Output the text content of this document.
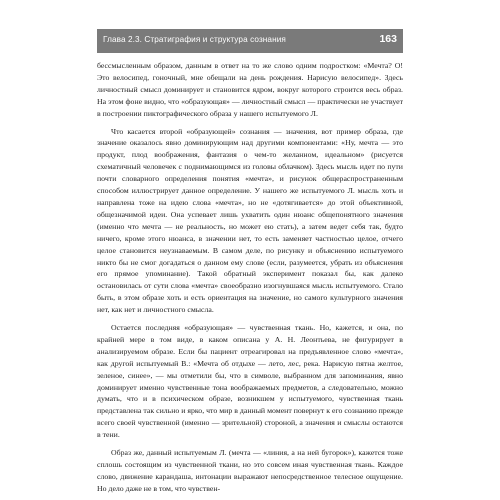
Глава 2.3. Стратиграфия и структура сознания	163

бессмысленным образом, данным в ответ на то же слово одним подростком: «Мечта? О! Это велосипед, гоночный, мне обещали на день рождения. Нарисую велосипед». Здесь личностный смысл доминирует и становится ядром, вокруг которого строится весь образ. На этом фоне видно, что «образующая» — личностный смысл — практически не участвует в построении пиктографического образа у нашего испытуемого Л.

Что касается второй «образующей» сознания — значения, вот пример образа, где значение оказалось явно доминирующим над другими компонентами: «Ну, мечта — это продукт, плод воображения, фантазия о чем-то желанном, идеальном» (рисуется схематичный человечек с поднимающимся из головы облачком). Здесь мысль идет по пути почти словарного определения понятия «мечта», и рисунок общераспространенным способом иллюстрирует данное определение. У нашего же испытуемого Л. мысль хоть и направлена тоже на идею слова «мечта», но не «дотягивается» до этой объективной, общезначимой идеи. Она успевает лишь ухватить один нюанс общепонятного значения (именно что мечта — не реальность, но может ею стать), а затем ведет себя так, будто ничего, кроме этого нюанса, в значении нет, то есть заменяет частностью целое, отчего целое становится неузнаваемым. В самом деле, по рисунку и объяснению испытуемого никто бы не смог догадаться о данном ему слове (если, разумеется, убрать из объяснения его прямое упоминание). Такой обратный эксперимент показал бы, как далеко остановилась от сути слова «мечта» своеобразно изогнувшаяся мысль испытуемого. Стало быть, в этом образе хоть и есть ориентация на значение, но самого культурного значения нет, как нет и личностного смысла.

Остается последняя «образующая» — чувственная ткань. Но, кажется, и она, по крайней мере в том виде, в каком описана у А. Н. Леонтьева, не фигурирует в анализируемом образе. Если бы пациент отреагировал на предъявленное слово «мечта», как другой испытуемый В.: «Мечта об отдыхе — лето, лес, река. Нарисую пятна желтое, зеленое, синее», — мы отметили бы, что в символе, выбранном для запоминания, явно доминирует именно чувственные тона воображаемых предметов, а следовательно, можно думать, что и в психическом образе, возникшем у испытуемого, чувственная ткань представлена так сильно и ярко, что мир в данный момент повернут к его сознанию прежде всего своей чувственной (именно — зрительной) стороной, а значения и смыслы остаются в тени.

Образ же, данный испытуемым Л. (мечта — «линия, а на ней бугорок»), кажется тоже сплошь состоящим из чувственной ткани, но это совсем иная чувственная ткань. Каждое слово, движение карандаша, интонации выражают непосредственное телесное ощущение. Но дело даже не в том, что чувствен-
